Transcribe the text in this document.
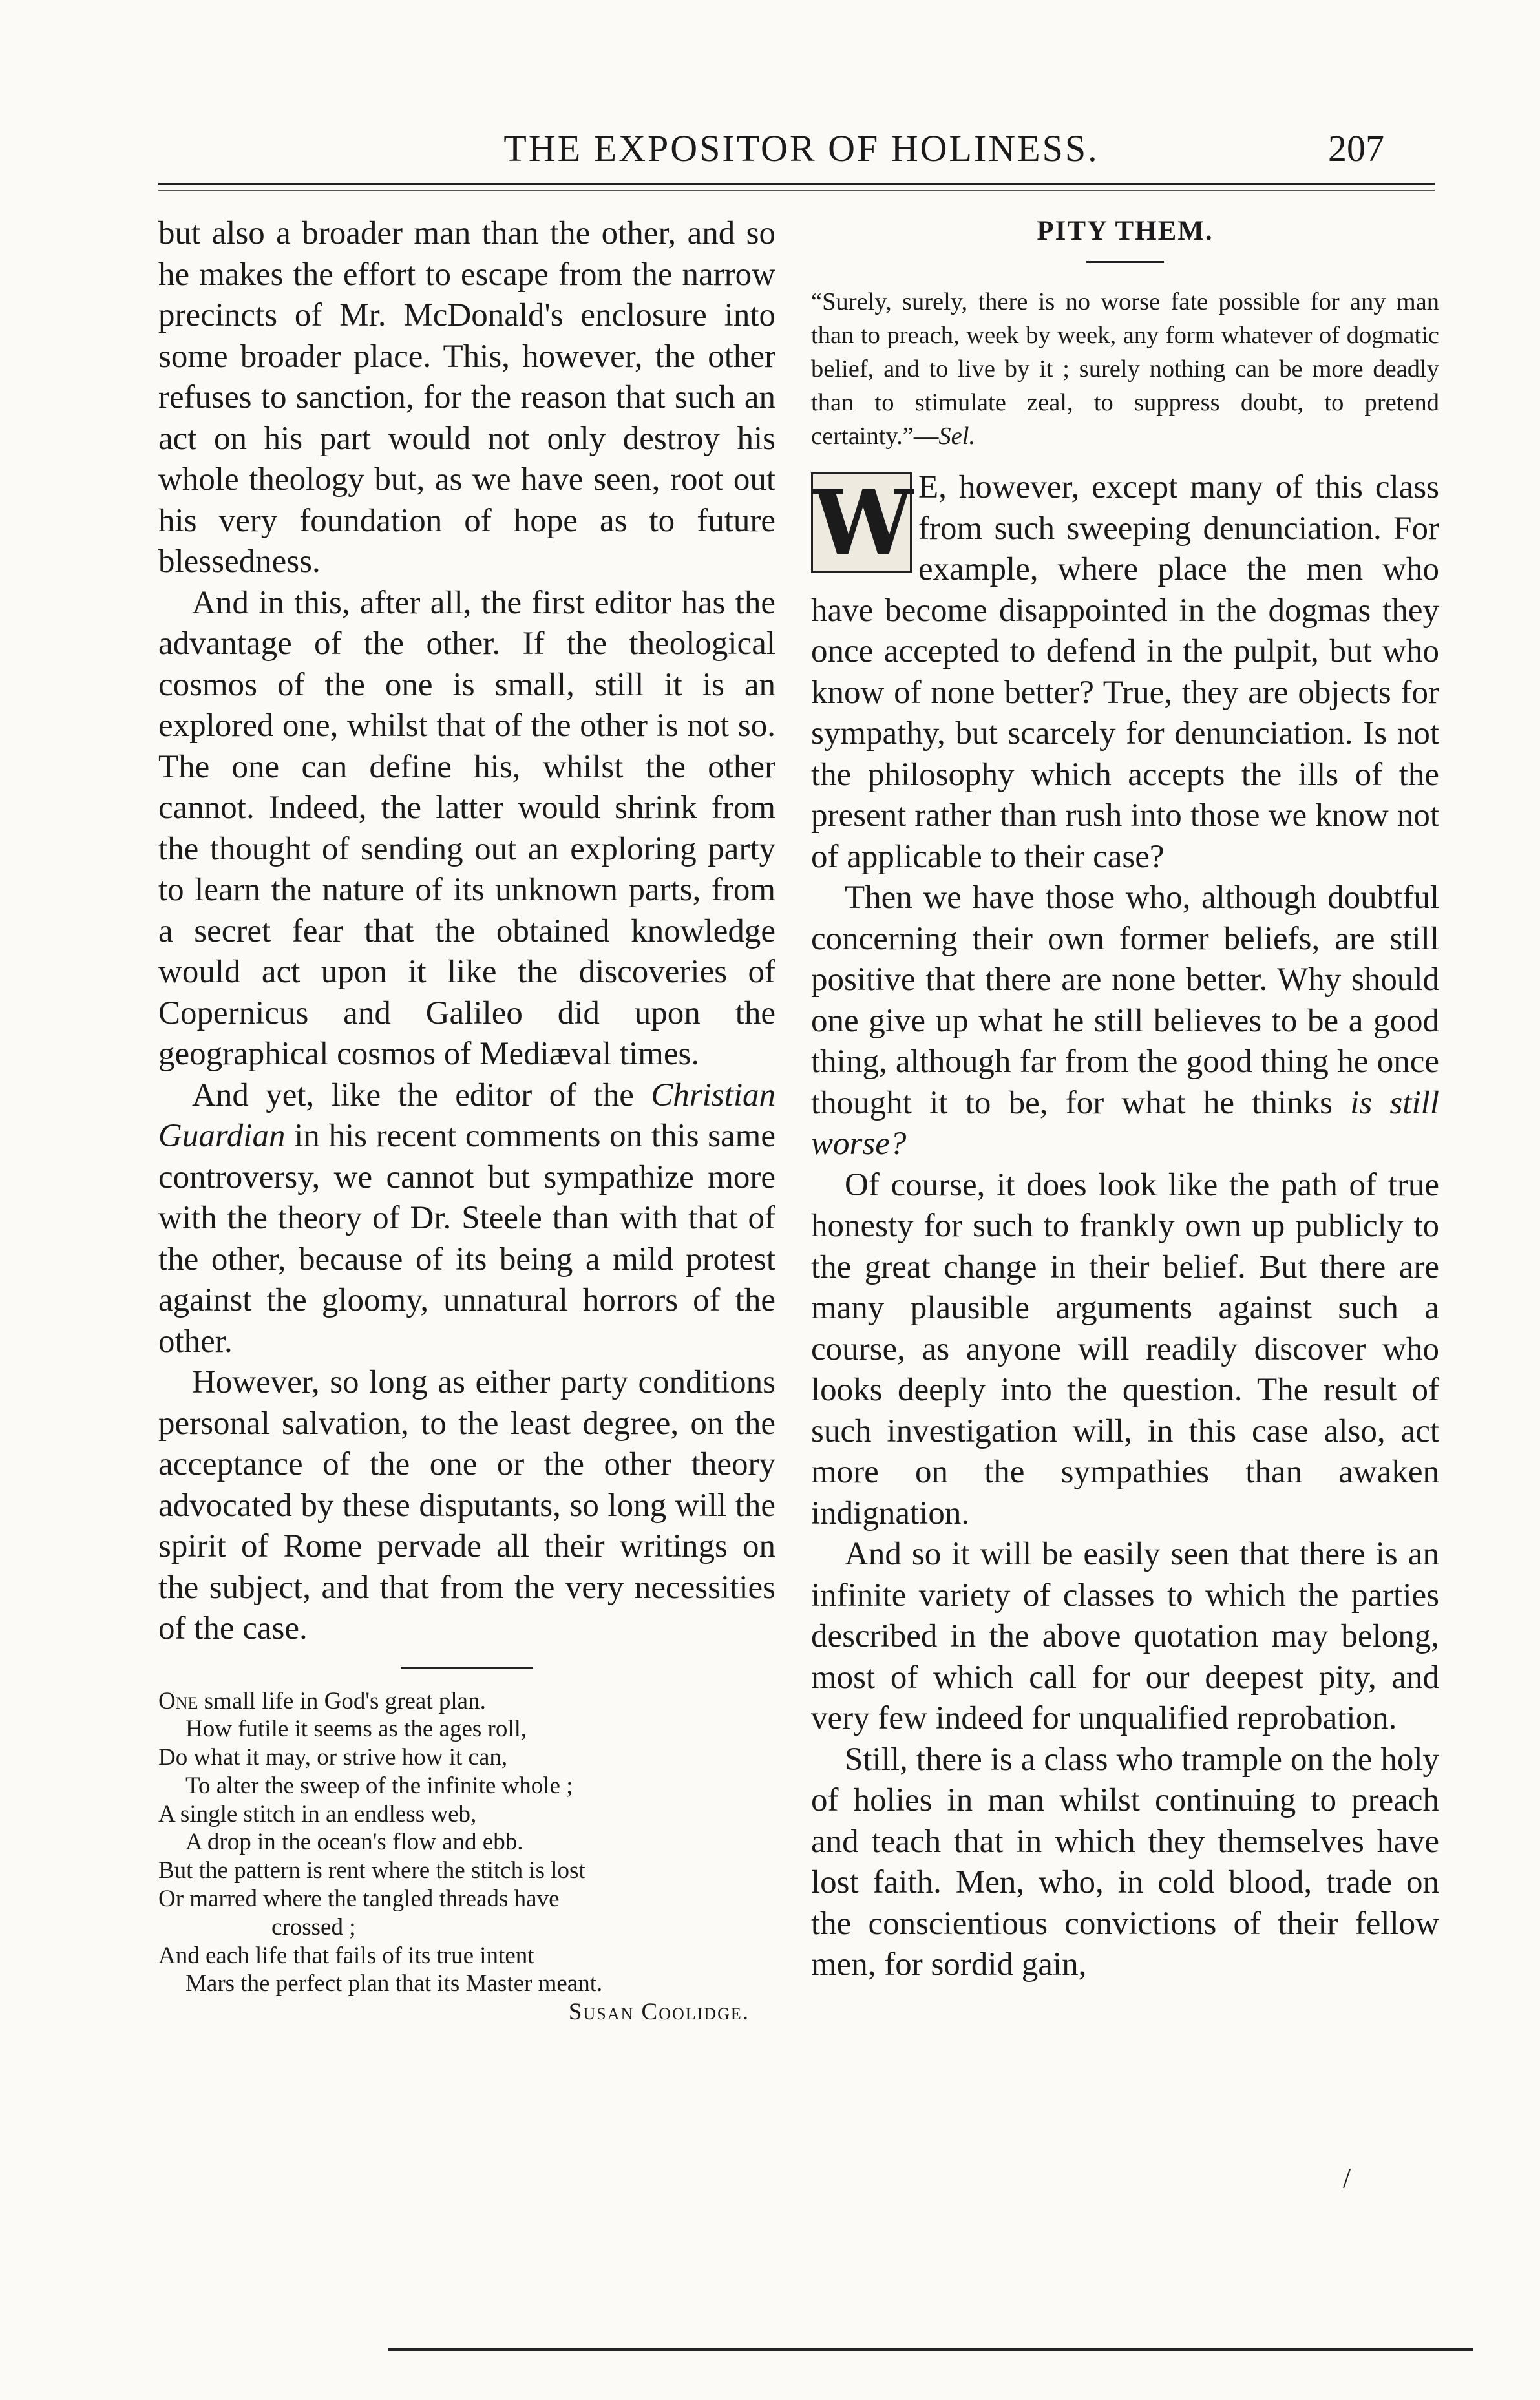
THE EXPOSITOR OF HOLINESS.	207

but also a broader man than the other, and so he makes the effort to escape from the narrow precincts of Mr. McDonald's enclosure into some broader place. This, however, the other refuses to sanction, for the reason that such an act on his part would not only destroy his whole theology but, as we have seen, root out his very foundation of hope as to future blessedness.

And in this, after all, the first editor has the advantage of the other. If the theological cosmos of the one is small, still it is an explored one, whilst that of the other is not so. The one can define his, whilst the other cannot. Indeed, the latter would shrink from the thought of sending out an exploring party to learn the nature of its unknown parts, from a secret fear that the obtained knowledge would act upon it like the discoveries of Copernicus and Galileo did upon the geographical cosmos of Mediæval times.

And yet, like the editor of the Christian Guardian in his recent comments on this same controversy, we cannot but sympathize more with the theory of Dr. Steele than with that of the other, because of its being a mild protest against the gloomy, unnatural horrors of the other.

However, so long as either party conditions personal salvation, to the least degree, on the acceptance of the one or the other theory advocated by these disputants, so long will the spirit of Rome pervade all their writings on the subject, and that from the very necessities of the case.

One small life in God's great plan.
How futile it seems as the ages roll,
Do what it may, or strive how it can,
To alter the sweep of the infinite whole ;
A single stitch in an endless web,
A drop in the ocean's flow and ebb.
But the pattern is rent where the stitch is lost
Or marred where the tangled threads have
crossed ;
And each life that fails of its true intent
Mars the perfect plan that its Master meant.
Susan Coolidge.
PITY THEM.
“Surely, surely, there is no worse fate possible for any man than to preach, week by week, any form whatever of dogmatic belief, and to live by it ; surely nothing can be more deadly than to stimulate zeal, to suppress doubt, to pretend certainty.”—Sel.
W E, however, except many of this class from such sweeping denunciation. For example, where place the men who have become disappointed in the dogmas they once accepted to defend in the pulpit, but who know of none better? True, they are objects for sympathy, but scarcely for denunciation. Is not the philosophy which accepts the ills of the present rather than rush into those we know not of applicable to their case?

Then we have those who, although doubtful concerning their own former beliefs, are still positive that there are none better. Why should one give up what he still believes to be a good thing, although far from the good thing he once thought it to be, for what he thinks is still worse?

Of course, it does look like the path of true honesty for such to frankly own up publicly to the great change in their belief. But there are many plausible arguments against such a course, as anyone will readily discover who looks deeply into the question. The result of such investigation will, in this case also, act more on the sympathies than awaken indignation.

And so it will be easily seen that there is an infinite variety of classes to which the parties described in the above quotation may belong, most of which call for our deepest pity, and very few indeed for unqualified reprobation.

Still, there is a class who trample on the holy of holies in man whilst continuing to preach and teach that in which they themselves have lost faith. Men, who, in cold blood, trade on the conscientious convictions of their fellow men, for sordid gain,

/
